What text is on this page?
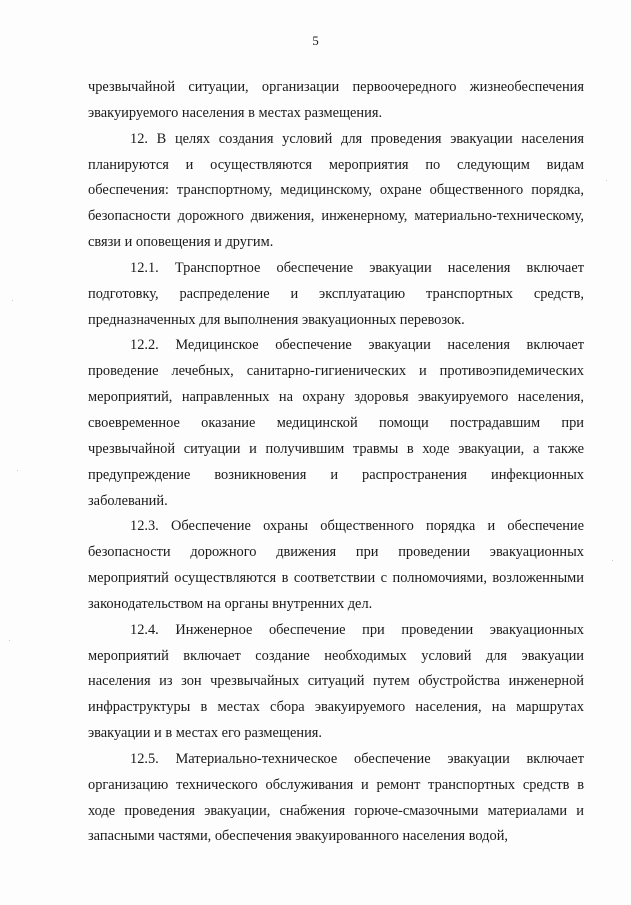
5

чрезвычайной ситуации, организации первоочередного жизнеобеспечения эвакуируемого населения в местах размещения.

12. В целях создания условий для проведения эвакуации населения планируются и осуществляются мероприятия по следующим видам обеспечения: транспортному, медицинскому, охране общественного порядка, безопасности дорожного движения, инженерному, материально-техническому, связи и оповещения и другим.

12.1. Транспортное обеспечение эвакуации населения включает подготовку, распределение и эксплуатацию транспортных средств, предназначенных для выполнения эвакуационных перевозок.

12.2. Медицинское обеспечение эвакуации населения включает проведение лечебных, санитарно-гигиенических и противоэпидемических мероприятий, направленных на охрану здоровья эвакуируемого населения, своевременное оказание медицинской помощи пострадавшим при чрезвычайной ситуации и получившим травмы в ходе эвакуации, а также предупреждение возникновения и распространения инфекционных заболеваний.

12.3. Обеспечение охраны общественного порядка и обеспечение безопасности дорожного движения при проведении эвакуационных мероприятий осуществляются в соответствии с полномочиями, возложенными законодательством на органы внутренних дел.

12.4. Инженерное обеспечение при проведении эвакуационных мероприятий включает создание необходимых условий для эвакуации населения из зон чрезвычайных ситуаций путем обустройства инженерной инфраструктуры в местах сбора эвакуируемого населения, на маршрутах эвакуации и в местах его размещения.

12.5. Материально-техническое обеспечение эвакуации включает организацию технического обслуживания и ремонт транспортных средств в ходе проведения эвакуации, снабжения горюче-смазочными материалами и запасными частями, обеспечения эвакуированного населения водой,
